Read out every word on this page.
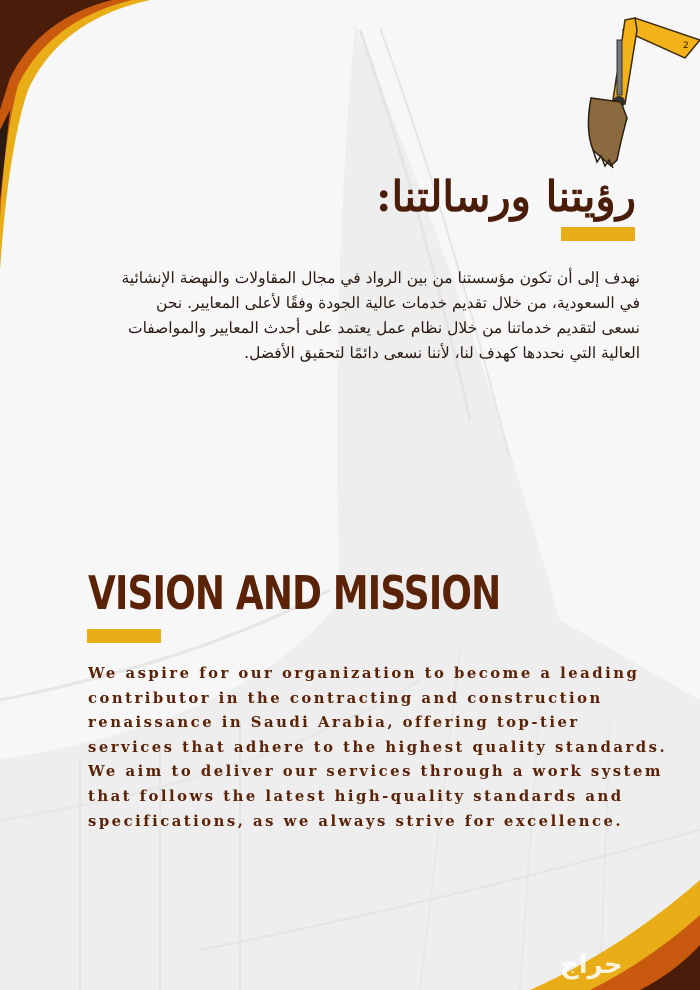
2
رؤيتنا ورسالتنا:

نهدف إلى أن تكون مؤسستنا من بين الرواد في مجال المقاولات والنهضة الإنشائية في السعودية، من خلال تقديم خدمات عالية الجودة وفقًا لأعلى المعايير. نحن نسعى لتقديم خدماتنا من خلال نظام عمل يعتمد على أحدث المعايير والمواصفات العالية التي نحددها كهدف لنا، لأننا نسعى دائمًا لتحقيق الأفضل.

VISION AND MISSION

We aspire for our organization to become a leading contributor in the contracting and construction renaissance in Saudi Arabia, offering top-tier services that adhere to the highest quality standards. We aim to deliver our services through a work system that follows the latest high-quality standards and specifications, as we always strive for excellence.

حراج
